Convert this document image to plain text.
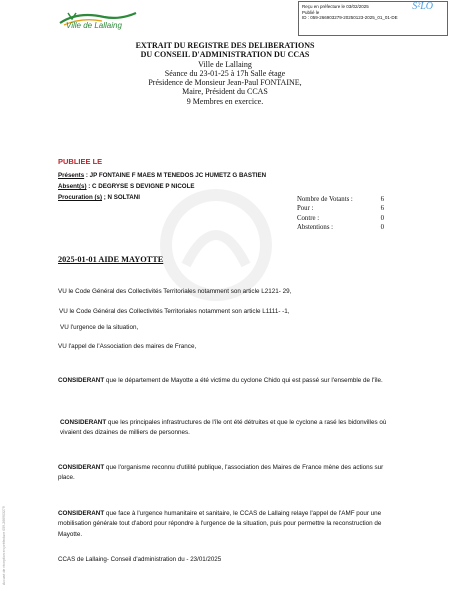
Ville de Lallaing
Reçu en préfecture le 03/02/2025
Publié le
ID : 059-266903279-20250123-2025_01_01-DE
S²LO
EXTRAIT DU REGISTRE DES DELIBERATIONS
DU CONSEIL D'ADMINISTRATION DU CCAS
Ville de Lallaing
Séance du 23-01-25 à 17h Salle étage
Présidence de Monsieur Jean-Paul FONTAINE,
Maire, Président du CCAS
9 Membres en exercice.
PUBLIEE LE
Présents : JP FONTAINE F MAES M TENEDOS JC HUMETZ G BASTIEN
Absent(s) : C DEGRYSE S DEVIGNE P NICOLE
Procuration (s) ; N SOLTANI	Nombre de Votants :	6
Pour :	6
Contre :	0
Abstentions :	0
2025-01-01 AIDE MAYOTTE
VU le Code Général des Collectivités Territoriales notamment son article L2121- 29,
VU le Code Général des Collectivités Territoriales notamment son article L1111- -1,
VU l'urgence de la situation,
VU l'appel de l'Association des maires de France,
CONSIDERANT que le département de Mayotte a été victime du cyclone Chido qui est passé sur l'ensemble de l'île.
CONSIDERANT que les principales infrastructures de l'île ont été détruites et que le cyclone a rasé les bidonvilles où vivaient des dizaines de milliers de personnes.
CONSIDERANT que l'organisme reconnu d'utilité publique, l'association des Maires de France mène des actions sur place.
CONSIDERANT que face à l'urgence humanitaire et sanitaire, le CCAS de Lallaing relaye l'appel de l'AMF pour une mobilisation générale tout d'abord pour répondre à l'urgence de la situation, puis pour permettre la reconstruction de Mayotte.
CCAS de Lallaing- Conseil d'administration du - 23/01/2025
Accusé de réception en préfecture 059-266903279
